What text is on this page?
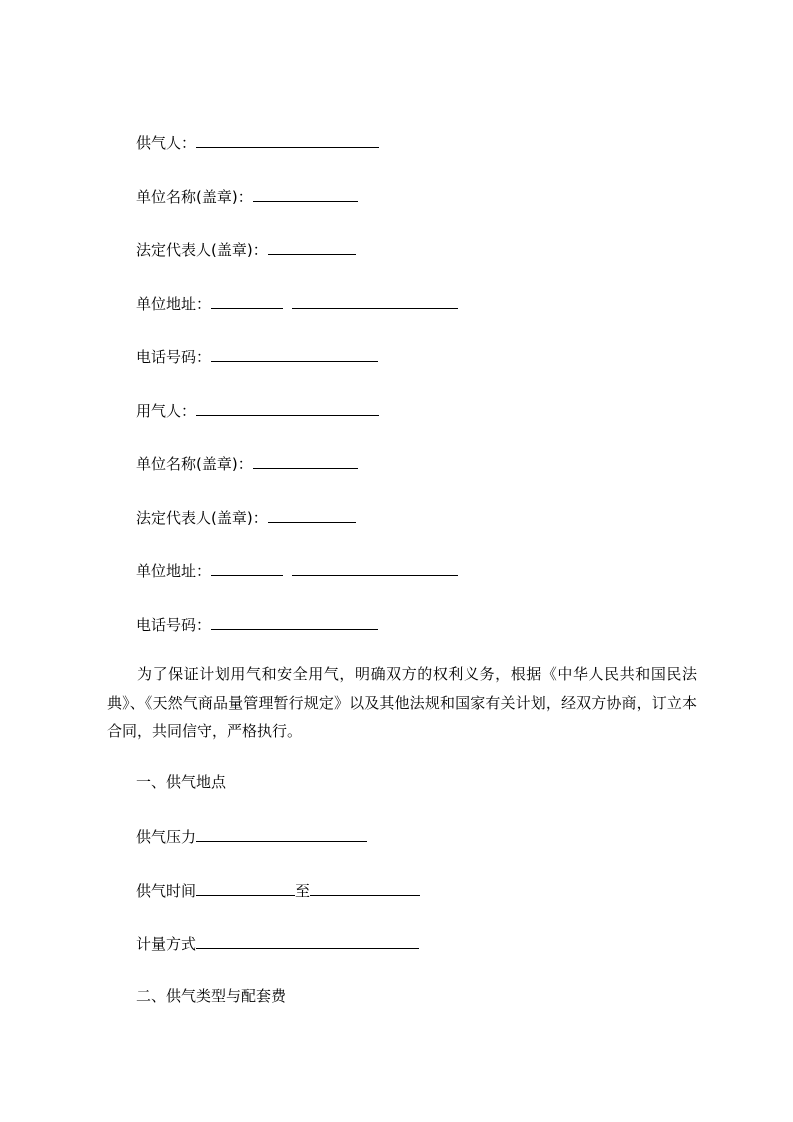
供气人：
单位名称(盖章)：
法定代表人(盖章)：
单位地址：
电话号码：
用气人：
单位名称(盖章)：
法定代表人(盖章)：
单位地址：
电话号码：
为了保证计划用气和安全用气，明确双方的权利义务，根据《中华人民共和国民法典》、《天然气商品量管理暂行规定》以及其他法规和国家有关计划，经双方协商，订立本合同，共同信守，严格执行。
一、供气地点
供气压力
供气时间	至
计量方式
二、供气类型与配套费
